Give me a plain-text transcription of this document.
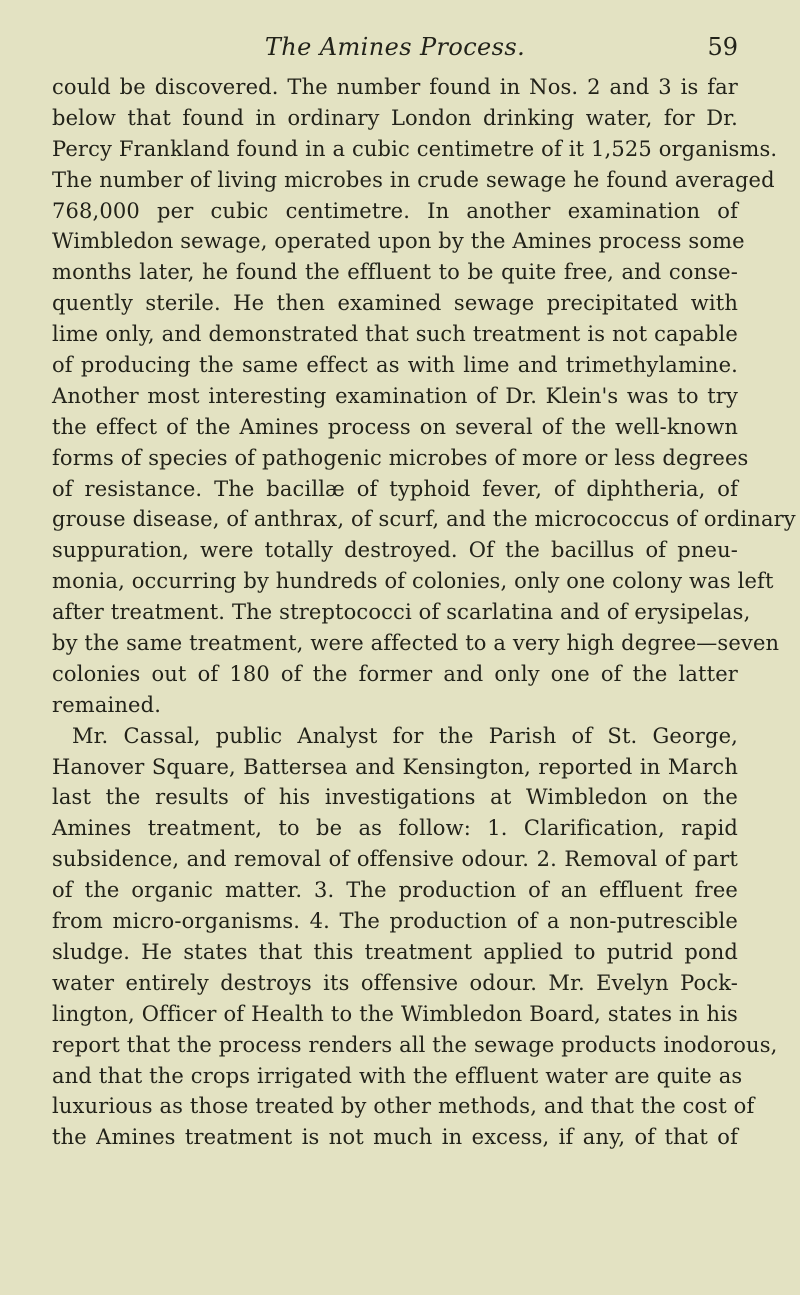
The Amines Process.	59
could be discovered. The number found in Nos. 2 and 3 is far
below that found in ordinary London drinking water, for Dr.
Percy Frankland found in a cubic centimetre of it 1,525 organisms.
The number of living microbes in crude sewage he found averaged
768,000 per cubic centimetre. In another examination of
Wimbledon sewage, operated upon by the Amines process some
months later, he found the effluent to be quite free, and conse-
quently sterile. He then examined sewage precipitated with
lime only, and demonstrated that such treatment is not capable
of producing the same effect as with lime and trimethylamine.
Another most interesting examination of Dr. Klein's was to try
the effect of the Amines process on several of the well-known
forms of species of pathogenic microbes of more or less degrees
of resistance. The bacillæ of typhoid fever, of diphtheria, of
grouse disease, of anthrax, of scurf, and the micrococcus of ordinary
suppuration, were totally destroyed. Of the bacillus of pneu-
monia, occurring by hundreds of colonies, only one colony was left
after treatment. The streptococci of scarlatina and of erysipelas,
by the same treatment, were affected to a very high degree—seven
colonies out of 180 of the former and only one of the latter
remained.
Mr. Cassal, public Analyst for the Parish of St. George,
Hanover Square, Battersea and Kensington, reported in March
last the results of his investigations at Wimbledon on the
Amines treatment, to be as follow: 1. Clarification, rapid
subsidence, and removal of offensive odour. 2. Removal of part
of the organic matter. 3. The production of an effluent free
from micro-organisms. 4. The production of a non-putrescible
sludge. He states that this treatment applied to putrid pond
water entirely destroys its offensive odour. Mr. Evelyn Pock-
lington, Officer of Health to the Wimbledon Board, states in his
report that the process renders all the sewage products inodorous,
and that the crops irrigated with the effluent water are quite as
luxurious as those treated by other methods, and that the cost of
the Amines treatment is not much in excess, if any, of that of
